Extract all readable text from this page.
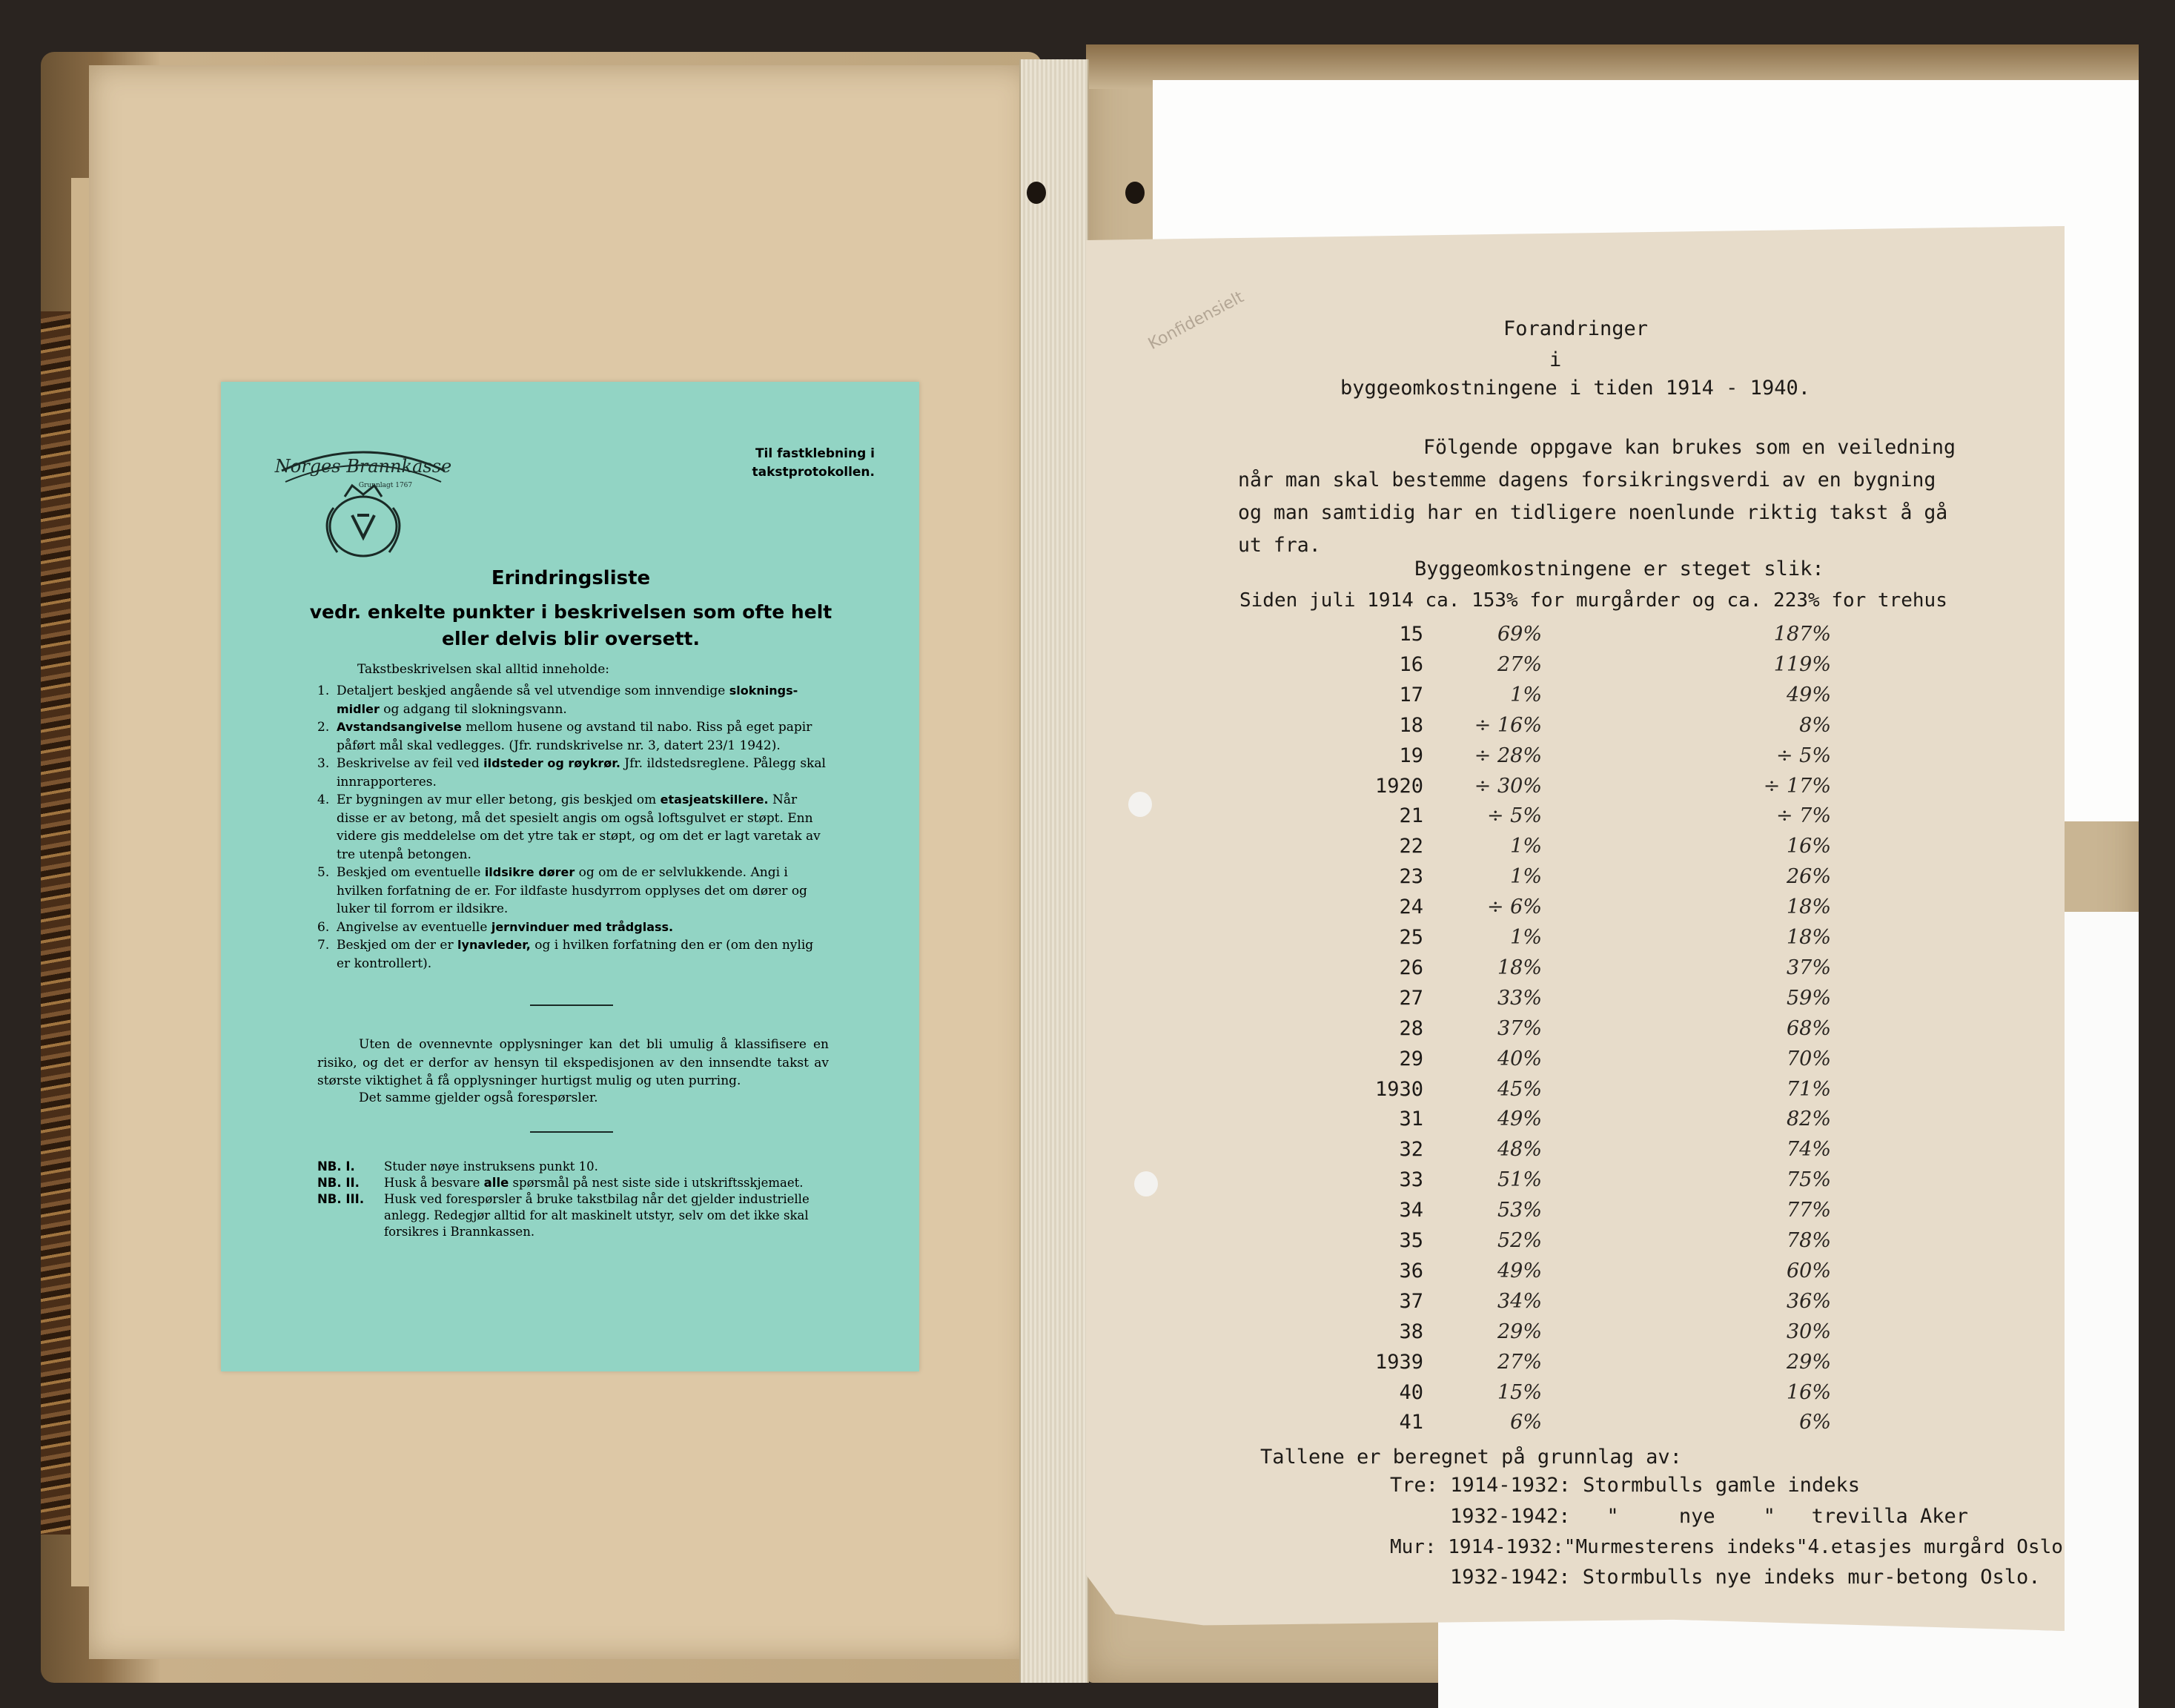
Norges Brannkasse
Grunnlagt 1767
Til fastklebning i
takstprotokollen.
Erindringsliste
vedr. enkelte punkter i beskrivelsen som ofte helt
eller delvis blir oversett.
Takstbeskrivelsen skal alltid inneholde:
1. Detaljert beskjed angående så vel utvendige som innvendige sloknings-midler og adgang til slokningsvann.
2. Avstandsangivelse mellom husene og avstand til nabo. Riss på eget papir påført mål skal vedlegges. (Jfr. rundskrivelse nr. 3, datert 23/1 1942).
3. Beskrivelse av feil ved ildsteder og røykrør. Jfr. ildstedsreglene. Pålegg skal innrapporteres.
4. Er bygningen av mur eller betong, gis beskjed om etasjeatskillere. Når disse er av betong, må det spesielt angis om også loftsgulvet er støpt. Enn videre gis meddelelse om det ytre tak er støpt, og om det er lagt varetak av tre utenpå betongen.
5. Beskjed om eventuelle ildsikre dører og om de er selvlukkende. Angi i hvilken forfatning de er. For ildfaste husdyrrom opplyses det om dører og luker til forrom er ildsikre.
6. Angivelse av eventuelle jernvinduer med trådglass.
7. Beskjed om der er lynavleder, og i hvilken forfatning den er (om den nylig er kontrollert).
Uten de ovennevnte opplysninger kan det bli umulig å klassifisere en risiko, og det er derfor av hensyn til ekspedisjonen av den innsendte takst av største viktighet å få opplysninger hurtigst mulig og uten purring.
Det samme gjelder også forespørsler.
NB. I.	Studer nøye instruksens punkt 10.
NB. II.	Husk å besvare alle spørsmål på nest siste side i utskriftsskjemaet.
NB. III.	Husk ved forespørsler å bruke takstbilag når det gjelder industrielle anlegg. Redegjør alltid for alt maskinelt utstyr, selv om det ikke skal forsikres i Brannkassen.
Konfidensielt	Forandringer
i
byggeomkostningene i tiden 1914 - 1940.
Fölgende oppgave kan brukes som en veiledning
når man skal bestemme dagens forsikringsverdi av en bygning
og man samtidig har en tidligere noenlunde riktig takst å gå
ut fra.
Byggeomkostningene er steget slik:
Siden juli 1914 ca. 153% for murgårder og ca. 223% for trehus
15	69%	187%
16	27%	119%
17	1%	49%
18	÷ 16%	8%
19	÷ 28%	÷ 5%
1920	÷ 30%	÷ 17%
21	÷ 5%	÷ 7%
22	1%	16%
23	1%	26%
24	÷ 6%	18%
25	1%	18%
26	18%	37%
27	33%	59%
28	37%	68%
29	40%	70%
1930	45%	71%
31	49%	82%
32	48%	74%
33	51%	75%
34	53%	77%
35	52%	78%
36	49%	60%
37	34%	36%
38	29%	30%
1939	27%	29%
40	15%	16%
41	6%	6%
Tallene er beregnet på grunnlag av:
Tre: 1914-1932: Stormbulls gamle indeks
1932-1942:   "     nye    "   trevilla Aker
Mur: 1914-1932:"Murmesterens indeks"4.etasjes murgård Oslo
1932-1942: Stormbulls nye indeks mur-betong Oslo.
